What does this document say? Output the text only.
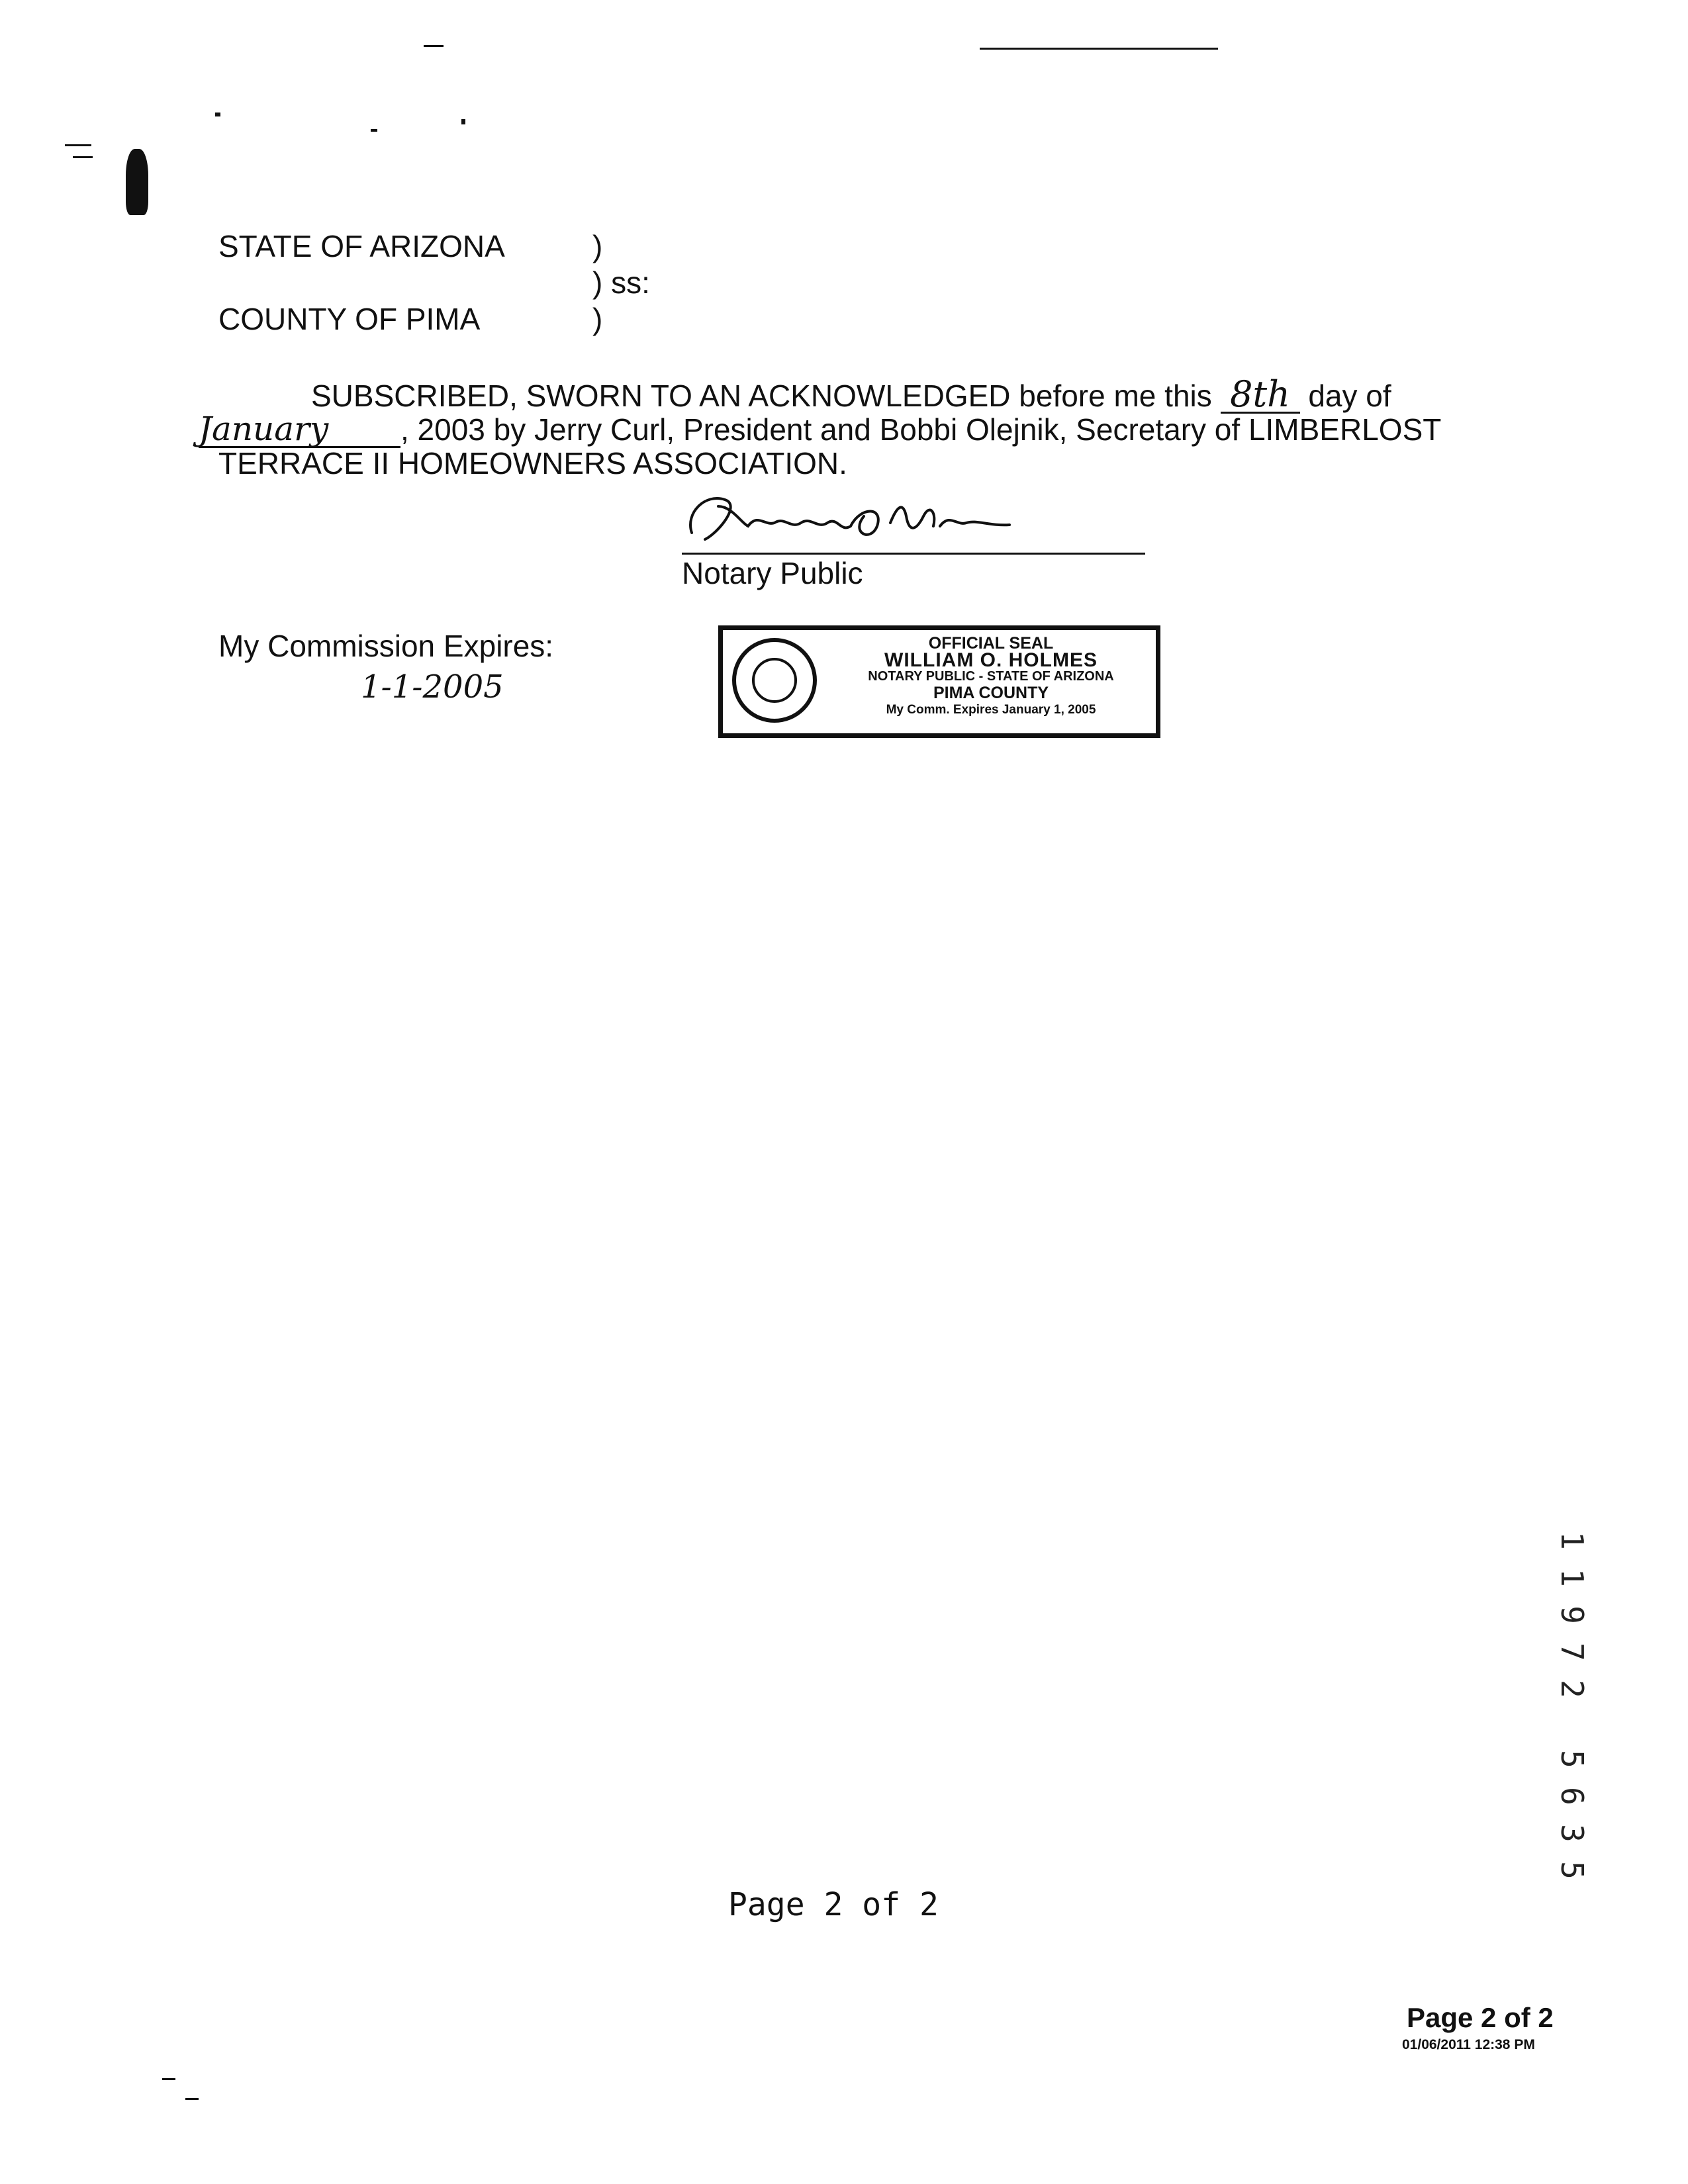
STATE OF ARIZONA	)
) ss:
COUNTY OF PIMA	)
SUBSCRIBED, SWORN TO AN ACKNOWLEDGED before me this 8th day of
January , 2003 by Jerry Curl, President and Bobbi Olejnik, Secretary of LIMBERLOST
TERRACE II HOMEOWNERS ASSOCIATION.
Notary Public
My Commission Expires:
1-1-2005
OFFICIAL SEAL
WILLIAM O. HOLMES
NOTARY PUBLIC - STATE OF ARIZONA
PIMA COUNTY
My Comm. Expires January 1, 2005
1
1
9
7
2
5
6
3
5
Page 2 of 2
Page 2 of 2
01/06/2011 12:38 PM
